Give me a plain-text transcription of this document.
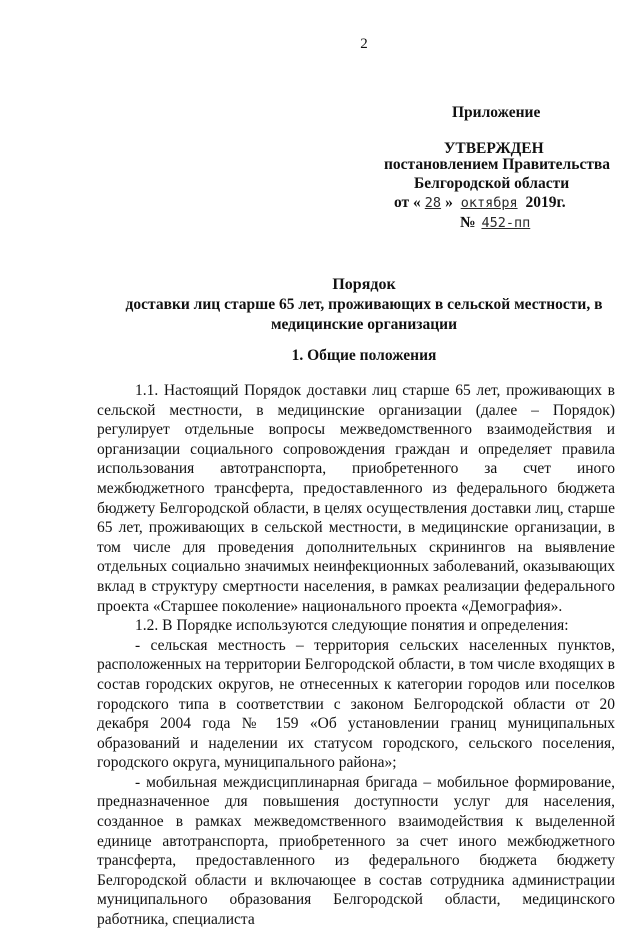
2
Приложение
УТВЕРЖДЕН
постановлением Правительства
Белгородской области
от « 28 » октября 2019г.
№ 452-пп
Порядок
доставки лиц старше 65 лет, проживающих в сельской местности, в медицинские организации
1. Общие положения

1.1. Настоящий Порядок доставки лиц старше 65 лет, проживающих в сельской местности, в медицинские организации (далее – Порядок) регулирует отдельные вопросы межведомственного взаимодействия и организации социального сопровождения граждан и определяет правила использования автотранспорта, приобретенного за счет иного межбюджетного трансферта, предоставленного из федерального бюджета бюджету Белгородской области, в целях осуществления доставки лиц, старше 65 лет, проживающих в сельской местности, в медицинские организации, в том числе для проведения дополнительных скринингов на выявление отдельных социально значимых неинфекционных заболеваний, оказывающих вклад в структуру смертности населения, в рамках реализации федерального проекта «Старшее поколение» национального проекта «Демография».

1.2. В Порядке используются следующие понятия и определения:

- сельская местность – территория сельских населенных пунктов, расположенных на территории Белгородской области, в том числе входящих в состав городских округов, не отнесенных к категории городов или поселков городского типа в соответствии с законом Белгородской области от 20 декабря 2004 года № 159 «Об установлении границ муниципальных образований и наделении их статусом городского, сельского поселения, городского округа, муниципального района»;

- мобильная междисциплинарная бригада – мобильное формирование, предназначенное для повышения доступности услуг для населения, созданное в рамках межведомственного взаимодействия к выделенной единице автотранспорта, приобретенного за счет иного межбюджетного трансферта, предоставленного из федерального бюджета бюджету Белгородской области и включающее в состав сотрудника администрации муниципального образования Белгородской области, медицинского работника, специалиста
